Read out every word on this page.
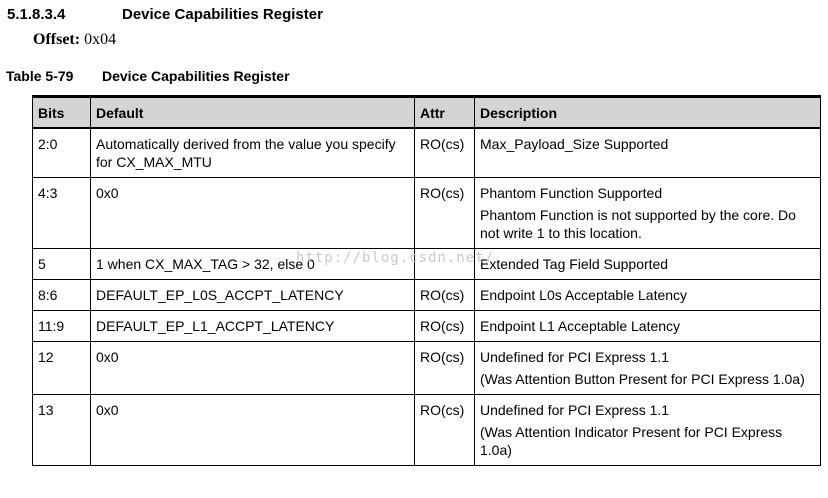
5.1.8.3.4	Device Capabilities Register
Offset: 0x04
Table 5-79 Device Capabilities Register
Bits	Default	Attr	Description
2:0	Automatically derived from the value you specify for CX_MAX_MTU	RO(cs)	Max_Payload_Size Supported

4:3	0x0	RO(cs)	Phantom Function Supported
Phantom Function is not supported by the core. Do not write 1 to this location.

5	1 when CX_MAX_TAG > 32, else 0		Extended Tag Field Supported

8:6	DEFAULT_EP_L0S_ACCPT_LATENCY	RO(cs)	Endpoint L0s Acceptable Latency

11:9	DEFAULT_EP_L1_ACCPT_LATENCY	RO(cs)	Endpoint L1 Acceptable Latency

12	0x0	RO(cs)	Undefined for PCI Express 1.1
(Was Attention Button Present for PCI Express 1.0a)

13	0x0	RO(cs)	Undefined for PCI Express 1.1
(Was Attention Indicator Present for PCI Express 1.0a)
http://blog.csdn.net/
